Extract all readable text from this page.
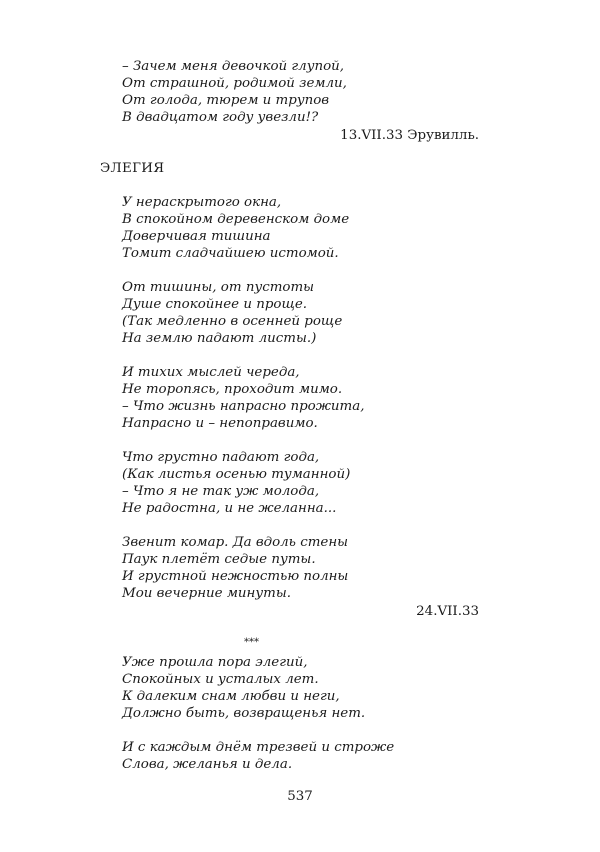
– Зачем меня девочкой глупой,
От страшной, родимой земли,
От голода, тюрем и трупов
В двадцатом году увезли!?
13.VII.33 Эрувилль.
ЭЛЕГИЯ
У нераскрытого окна,
В спокойном деревенском доме
Доверчивая тишина
Томит сладчайшею истомой.
От тишины, от пустоты
Душе спокойнее и проще.
(Так медленно в осенней роще
На землю падают листы.)
И тихих мыслей череда,
Не торопясь, проходит мимо.
– Что жизнь напрасно прожита,
Напрасно и – непоправимо.
Что грустно падают года,
(Как листья осенью туманной)
– Что я не так уж молода,
Не радостна, и не желанна...
Звенит комар. Да вдоль стены
Паук плетёт седые путы.
И грустной нежностью полны
Мои вечерние минуты.
24.VII.33
***
Уже прошла пора элегий,
Спокойных и усталых лет.
К далеким снам любви и неги,
Должно быть, возвращенья нет.
И с каждым днём трезвей и строже
Слова, желанья и дела.
537
